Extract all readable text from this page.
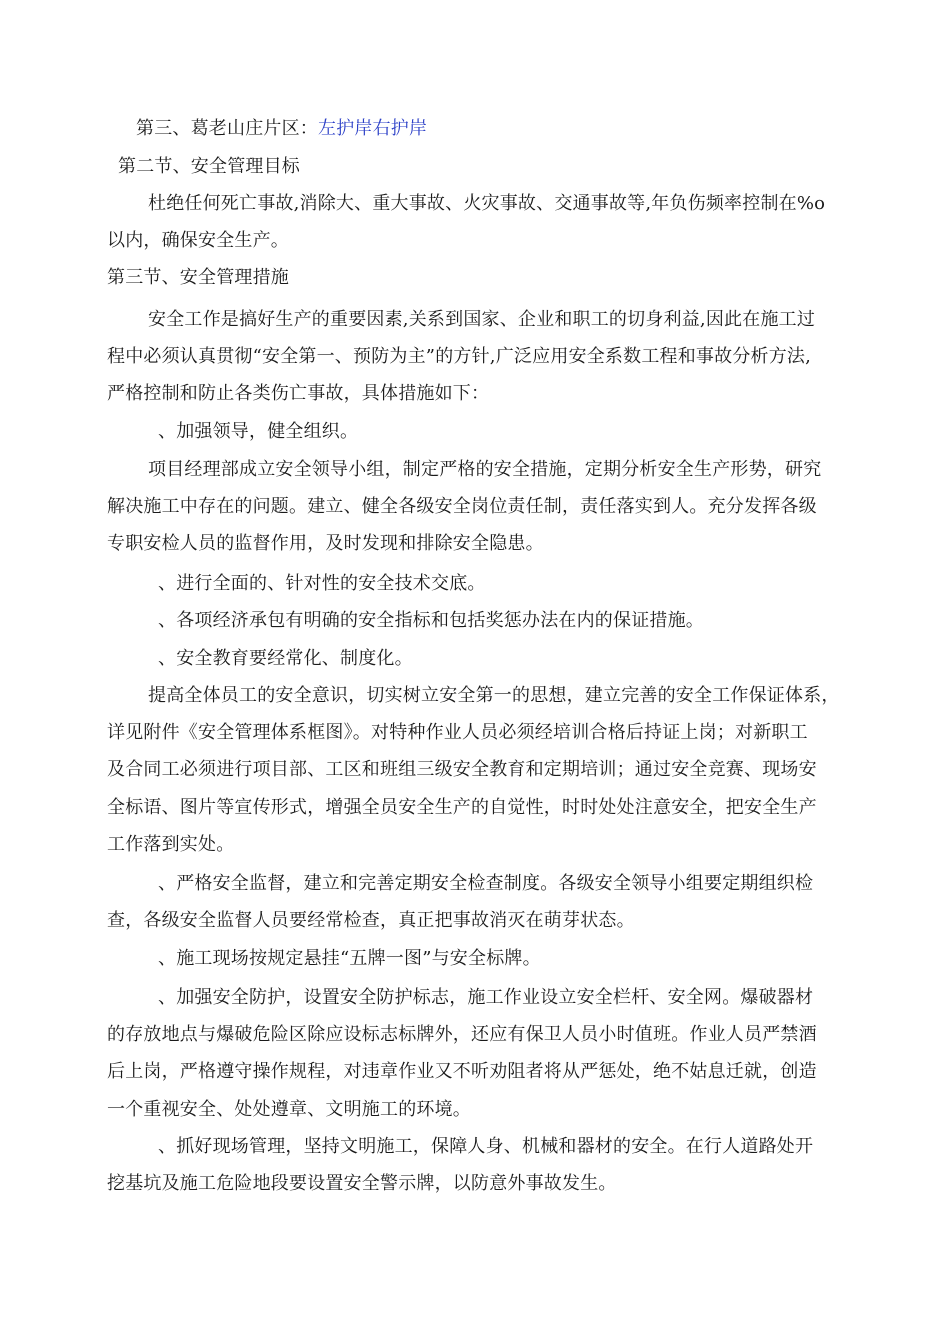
第三、葛老山庄片区：左护岸右护岸
第二节、安全管理目标
杜绝任何死亡事故,消除大、重大事故、火灾事故、交通事故等,年负伤频率控制在%o
以内，确保安全生产。
第三节、安全管理措施
安全工作是搞好生产的重要因素,关系到国家、企业和职工的切身利益,因此在施工过
程中必须认真贯彻“安全第一、预防为主”的方针,广泛应用安全系数工程和事故分析方法,
严格控制和防止各类伤亡事故，具体措施如下：
、加强领导，健全组织。
项目经理部成立安全领导小组，制定严格的安全措施，定期分析安全生产形势，研究
解决施工中存在的问题。建立、健全各级安全岗位责任制，责任落实到人。充分发挥各级
专职安检人员的监督作用，及时发现和排除安全隐患。
、进行全面的、针对性的安全技术交底。
、各项经济承包有明确的安全指标和包括奖惩办法在内的保证措施。
、安全教育要经常化、制度化。
提高全体员工的安全意识，切实树立安全第一的思想，建立完善的安全工作保证体系，
详见附件《安全管理体系框图》。对特种作业人员必须经培训合格后持证上岗；对新职工
及合同工必须进行项目部、工区和班组三级安全教育和定期培训；通过安全竞赛、现场安
全标语、图片等宣传形式，增强全员安全生产的自觉性，时时处处注意安全，把安全生产
工作落到实处。
、严格安全监督，建立和完善定期安全检查制度。各级安全领导小组要定期组织检
查，各级安全监督人员要经常检查，真正把事故消灭在萌芽状态。
、施工现场按规定悬挂“五牌一图”与安全标牌。
、加强安全防护，设置安全防护标志，施工作业设立安全栏杆、安全网。爆破器材
的存放地点与爆破危险区除应设标志标牌外，还应有保卫人员小时值班。作业人员严禁酒
后上岗，严格遵守操作规程，对违章作业又不听劝阻者将从严惩处，绝不姑息迁就，创造
一个重视安全、处处遵章、文明施工的环境。
、抓好现场管理，坚持文明施工，保障人身、机械和器材的安全。在行人道路处开
挖基坑及施工危险地段要设置安全警示牌，以防意外事故发生。
